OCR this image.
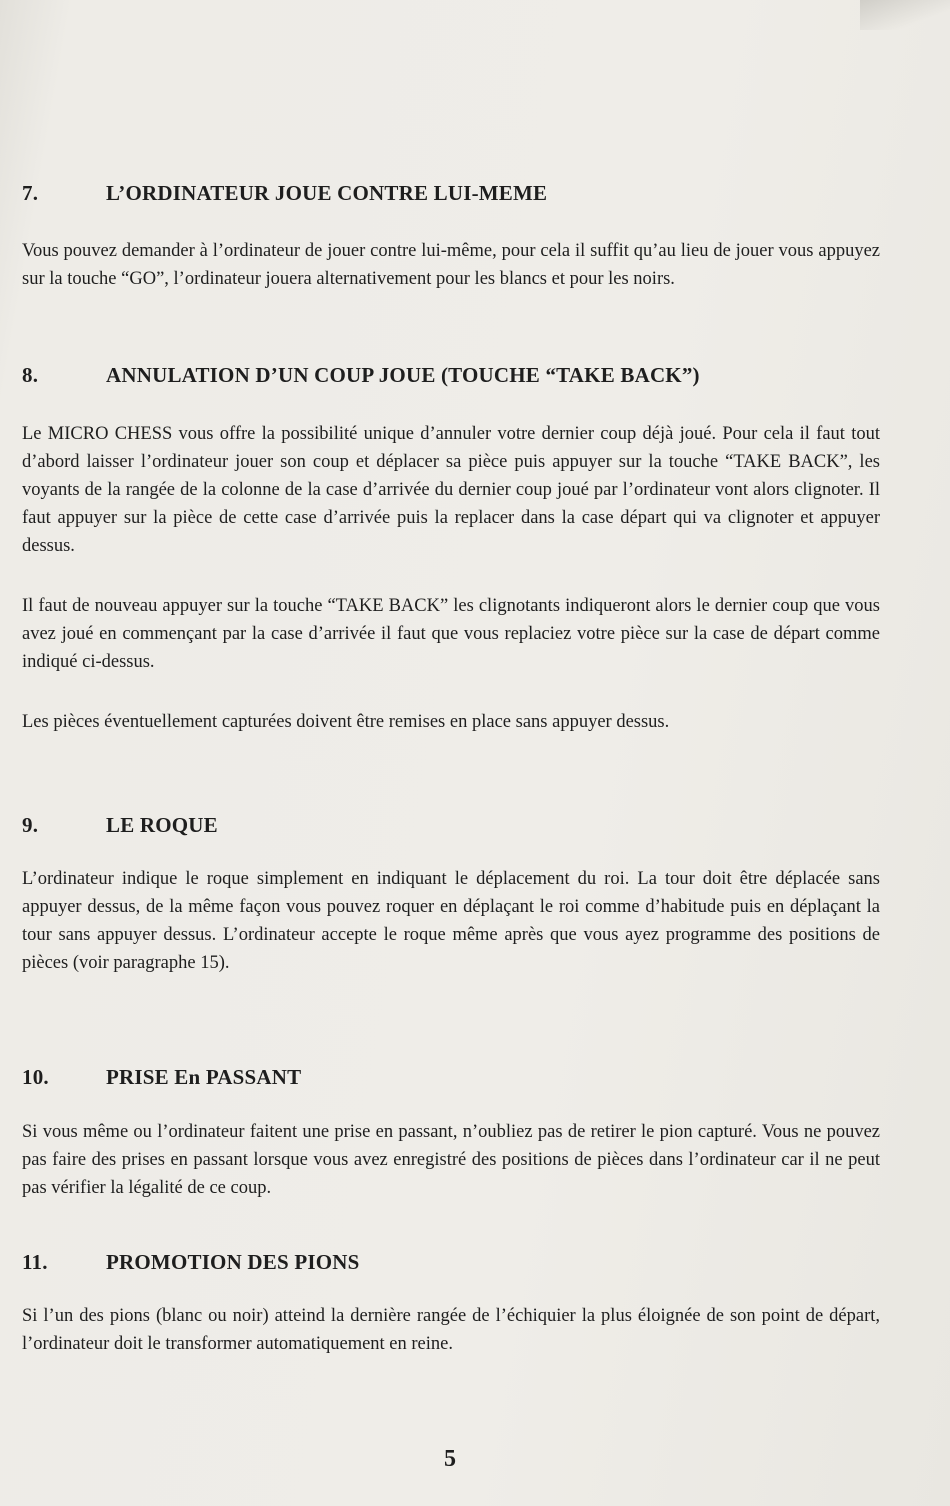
7.	L’ORDINATEUR JOUE CONTRE LUI-MEME

Vous pouvez demander à l’ordinateur de jouer contre lui-même, pour cela il suffit qu’au lieu de jouer vous appuyez sur la touche “GO”, l’ordinateur jouera alternativement pour les blancs et pour les noirs.

8.	ANNULATION D’UN COUP JOUE (TOUCHE “TAKE BACK”)

Le MICRO CHESS vous offre la possibilité unique d’annuler votre dernier coup déjà joué. Pour cela il faut tout d’abord laisser l’ordinateur jouer son coup et déplacer sa pièce puis appuyer sur la touche “TAKE BACK”, les voyants de la rangée de la colonne de la case d’arrivée du dernier coup joué par l’ordinateur vont alors clignoter. Il faut appuyer sur la pièce de cette case d’arrivée puis la replacer dans la case départ qui va clignoter et appuyer dessus.

Il faut de nouveau appuyer sur la touche “TAKE BACK” les clignotants indiqueront alors le dernier coup que vous avez joué en commençant par la case d’arrivée il faut que vous replaciez votre pièce sur la case de départ comme indiqué ci-dessus.

Les pièces éventuellement capturées doivent être remises en place sans appuyer dessus.

9.	LE ROQUE

L’ordinateur indique le roque simplement en indiquant le déplacement du roi. La tour doit être déplacée sans appuyer dessus, de la même façon vous pouvez roquer en déplaçant le roi comme d’habitude puis en déplaçant la tour sans appuyer dessus. L’ordinateur accepte le roque même après que vous ayez programme des positions de pièces (voir paragraphe 15).

10.	PRISE En PASSANT

Si vous même ou l’ordinateur faitent une prise en passant, n’oubliez pas de retirer le pion capturé. Vous ne pouvez pas faire des prises en passant lorsque vous avez enregistré des positions de pièces dans l’ordinateur car il ne peut pas vérifier la légalité de ce coup.

11.	PROMOTION DES PIONS

Si l’un des pions (blanc ou noir) atteind la dernière rangée de l’échiquier la plus éloignée de son point de départ, l’ordinateur doit le transformer automatiquement en reine.

5
